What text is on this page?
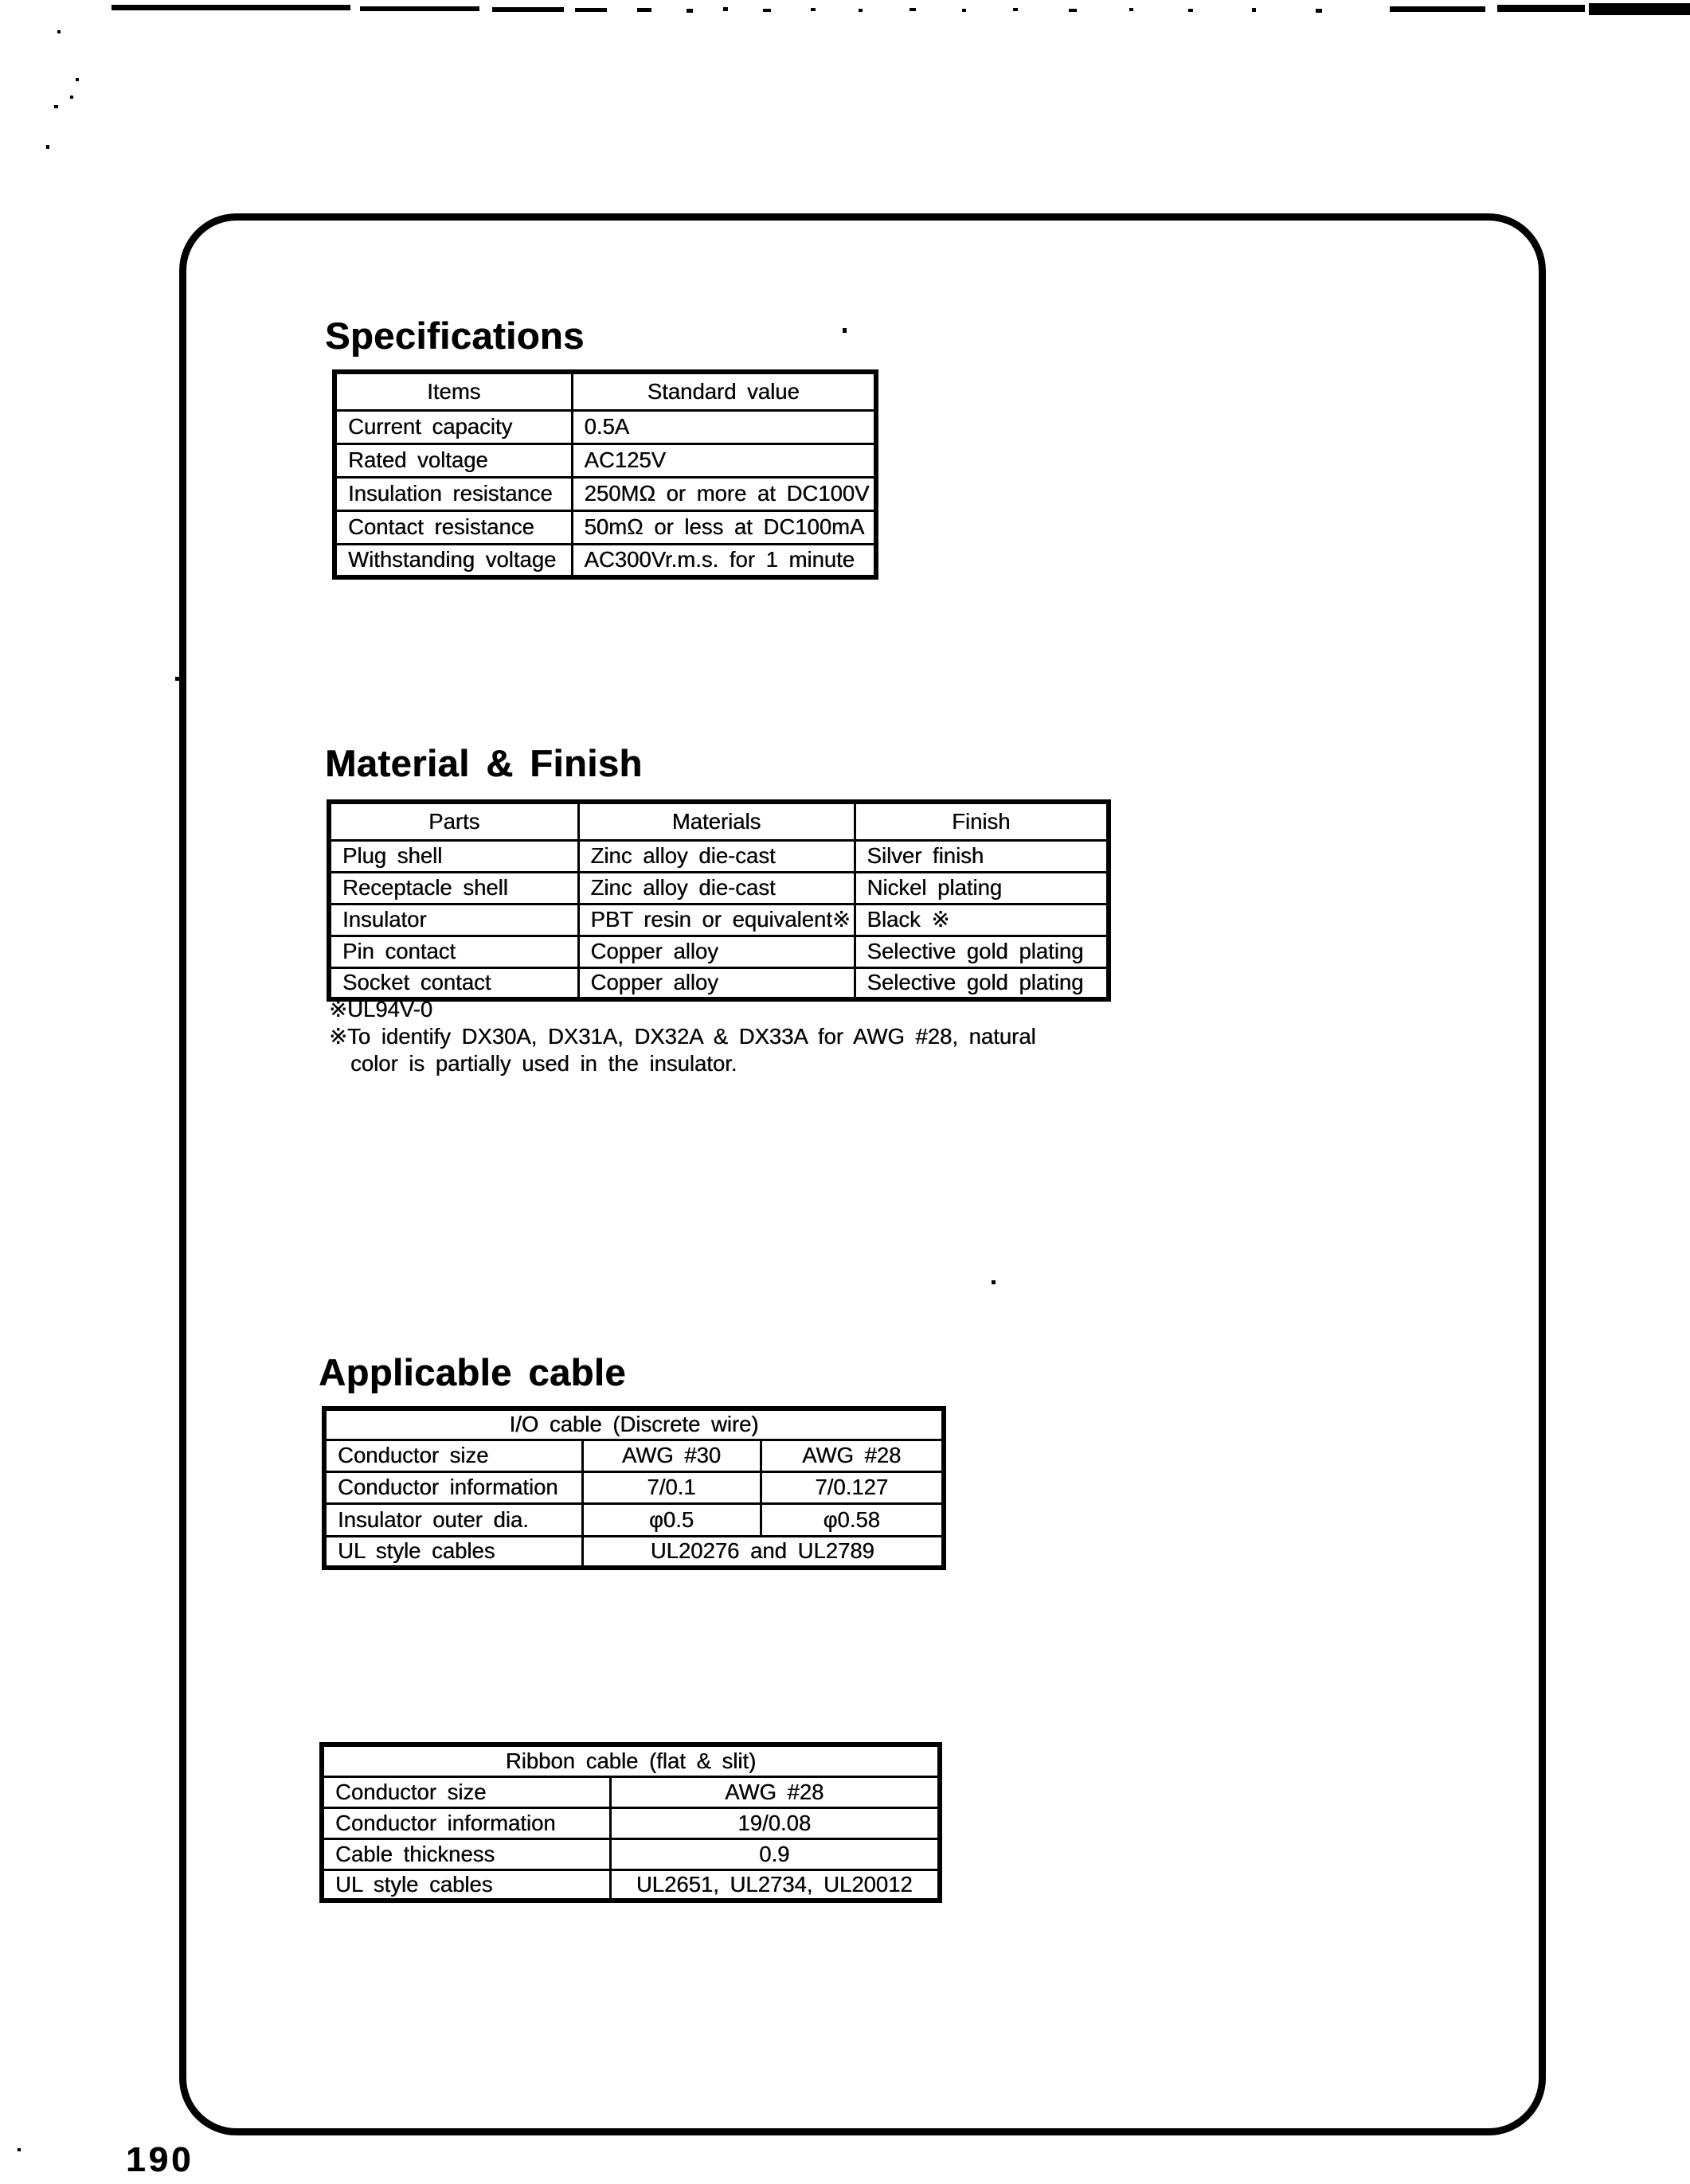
Specifications
Items	Standard value
Current capacity	0.5A
Rated voltage	AC125V
Insulation resistance	250MΩ or more at DC100V
Contact resistance	50mΩ or less at DC100mA
Withstanding voltage	AC300Vr.m.s. for 1 minute
Material & Finish
Parts	Materials	Finish
Plug shell	Zinc alloy die-cast	Silver finish
Receptacle shell	Zinc alloy die-cast	Nickel plating
Insulator	PBT resin or equivalent※	Black ※
Pin contact	Copper alloy	Selective gold plating
Socket contact	Copper alloy	Selective gold plating
※UL94V-0
※To identify DX30A, DX31A, DX32A & DX33A for AWG #28, natural
color is partially used in the insulator.
Applicable cable
I/O cable (Discrete wire)		
Conductor size	AWG #30	AWG #28
Conductor information	7/0.1	7/0.127
Insulator outer dia.	φ0.5	φ0.58
UL style cables	UL20276 and UL2789	
Ribbon cable (flat & slit)	
Conductor size	AWG #28
Conductor information	19/0.08
Cable thickness	0.9
UL style cables	UL2651, UL2734, UL20012
190
